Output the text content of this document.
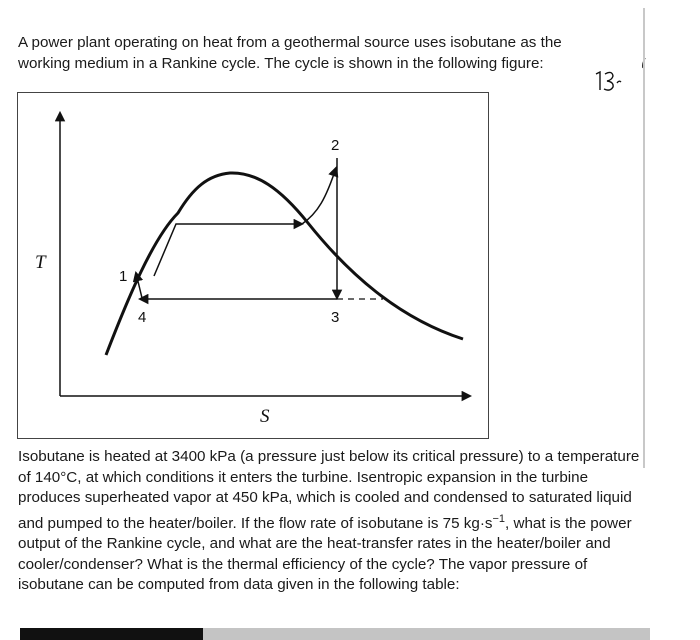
A power plant operating on heat from a geothermal source uses isobutane as the working medium in a Rankine cycle. The cycle is shown in the following figure:

T
S
1
2
3
4

Isobutane is heated at 3400 kPa (a pressure just below its critical pressure) to a temperature of 140°C, at which conditions it enters the turbine. Isentropic expansion in the turbine produces superheated vapor at 450 kPa, which is cooled and condensed to saturated liquid and pumped to the heater/boiler. If the flow rate of isobutane is 75 $kg\cdot s^{-1}$, what is the power output of the Rankine cycle, and what are the heat-transfer rates in the heater/boiler and cooler/condenser? What is the thermal efficiency of the cycle? The vapor pressure of isobutane can be computed from data given in the following table:
